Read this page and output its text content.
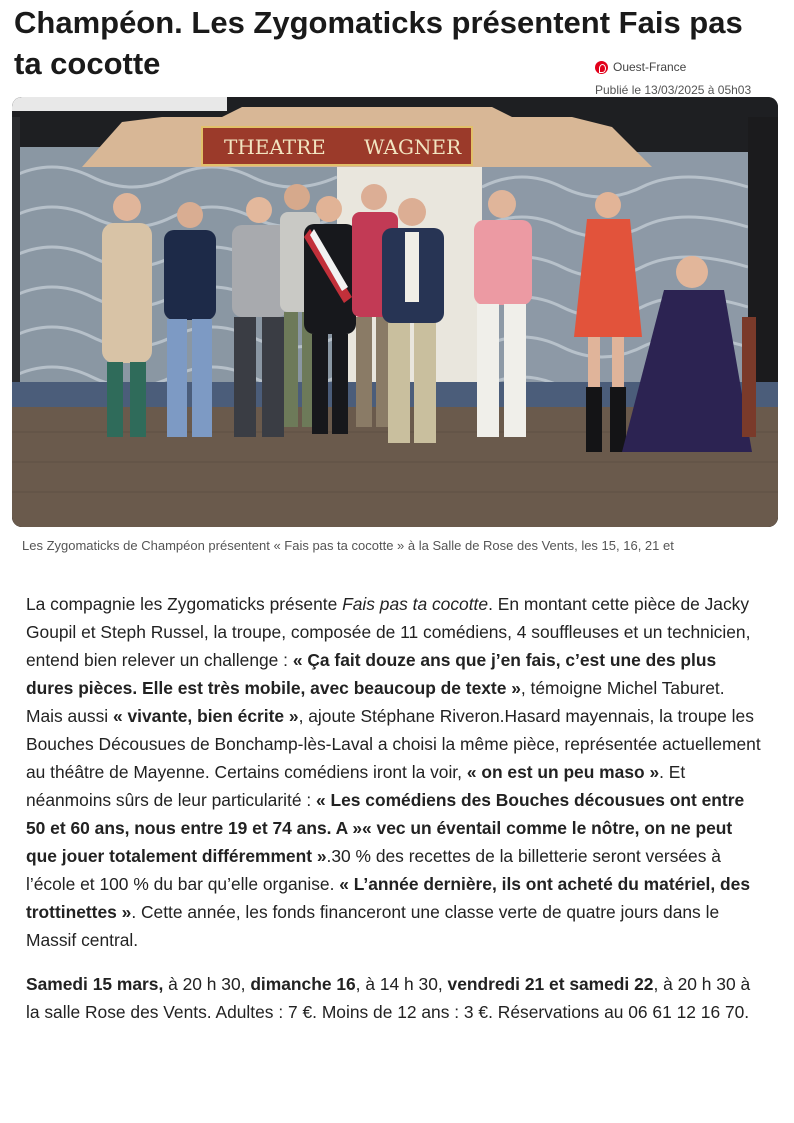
Champéon. Les Zygomaticks présentent Fais pas ta cocotte	Ouest-France
Publié le 13/03/2025 à 05h03
THEATRE WAGNER
Les Zygomaticks de Champéon présentent « Fais pas ta cocotte » à la Salle de Rose des Vents, les 15, 16, 21 et

La compagnie les Zygomaticks présente Fais pas ta cocotte. En montant cette pièce de Jacky Goupil et Steph Russel, la troupe, composée de 11 comédiens, 4 souffleuses et un technicien, entend bien relever un challenge : « Ça fait douze ans que j’en fais, c’est une des plus dures pièces. Elle est très mobile, avec beaucoup de texte », témoigne Michel Taburet. Mais aussi « vivante, bien écrite », ajoute Stéphane Riveron.Hasard mayennais, la troupe les Bouches Décousues de Bonchamp-lès-Laval a choisi la même pièce, représentée actuellement au théâtre de Mayenne. Certains comédiens iront la voir, « on est un peu maso ». Et néanmoins sûrs de leur particularité : « Les comédiens des Bouches décousues ont entre 50 et 60 ans, nous entre 19 et 74 ans. A »« vec un éventail comme le nôtre, on ne peut que jouer totalement différemment ».30 % des recettes de la billetterie seront versées à l’école et 100 % du bar qu’elle organise. « L’année dernière, ils ont acheté du matériel, des trottinettes ». Cette année, les fonds financeront une classe verte de quatre jours dans le Massif central.

Samedi 15 mars, à 20 h 30, dimanche 16, à 14 h 30, vendredi 21 et samedi 22, à 20 h 30 à la salle Rose des Vents. Adultes : 7 €. Moins de 12 ans : 3 €. Réservations au 06 61 12 16 70.
